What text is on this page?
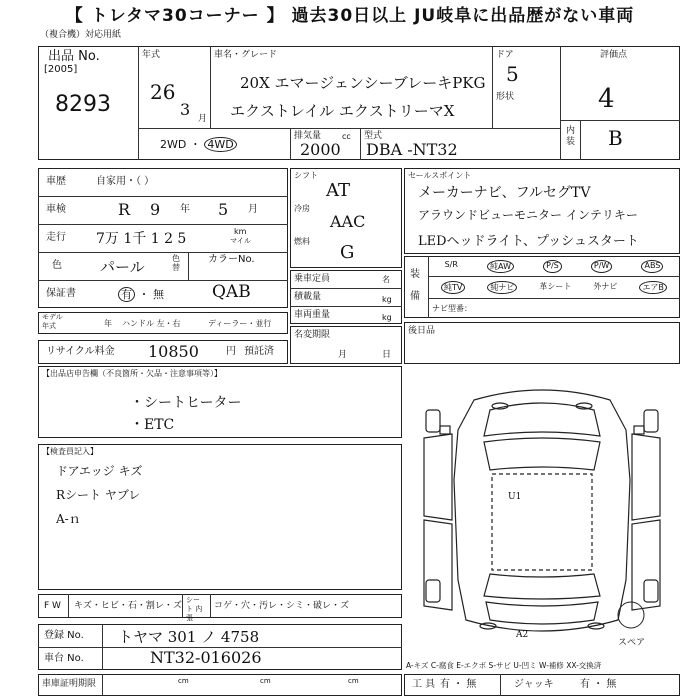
【 トレタマ30コーナー 】 過去30日以上 JU岐阜に出品歴がない車両
（複合機）対応用紙
出品 No.
[2005]
8293
年式
26
3 月
車名・グレード
20X エマージェンシーブレーキPKG
エクストレイル エクストリーマX
ドア
5
形状
評価点
4
内装 B
2WD ・ 4WD
排気量	cc
2000
型式
DBA -NT32
車歴	自家用・（ ）
車検	R 9 年 5 月
走行 7万 1千 1 2 5	km
マイル
色	パール	色替
カラーNo.
保証書	有 ・ 無	QAB
モデル年式	年 ハンドル 左・右	ディーラー・並行
リサイクル料金 10850	円 預託済
シフト
AT
冷房
AAC
燃料
G
乗車定員	名
積載量	kg
車両重量	kg
名変期限
月	日
セールスポイント
メーカーナビ、フルセグTV
アラウンドビューモニター インテリキー
LEDヘッドライト、プッシュスタート
装備
S/R	純AW	P/S	P/W	ABS
純TV	純ナビ	革シート	外ナビ	エアB
ナビ型番：
後日品
【出品店申告欄（不良箇所・欠品・注意事項等）】
・シートヒーター
・ETC
【検査員記入】
ドアエッジ キズ
Rシート ヤブレ
A-ｎ
F W キズ・ヒビ・石・割レ・ズ
シート 内張
コゲ・穴・汚レ・シミ・破レ・ズ
登録 No. トヤマ 301 ノ 4758
車台 No.	NT32-016026
車庫証明期限	cm	cm	cm	工 具 有 ・ 無	ジャッキ	有 ・ 無
U1
A2
スペア
A-キズ C-腐食 E-エクボ S-サビ U-凹ミ W-補修 XX-交換済
